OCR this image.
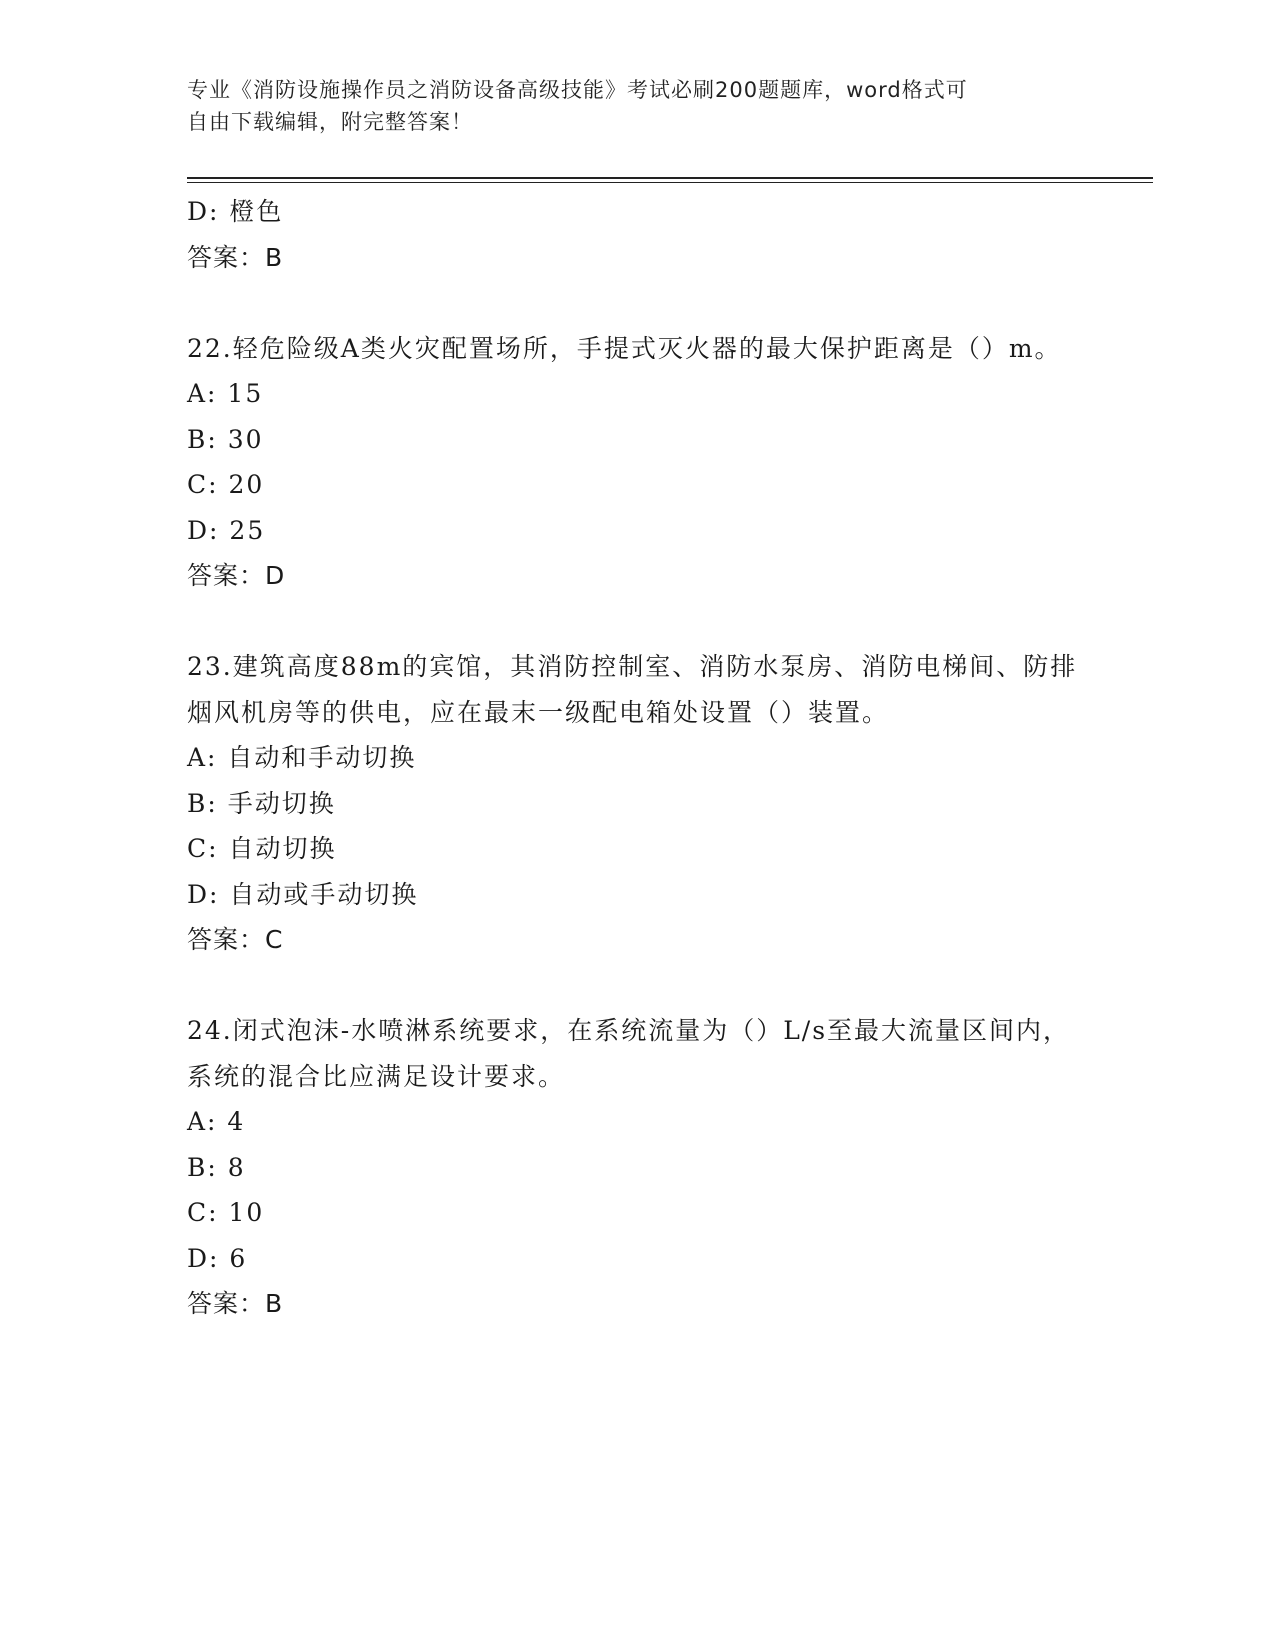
专业《消防设施操作员之消防设备高级技能》考试必刷200题题库，word格式可
自由下载编辑，附完整答案！
D: 橙色
答案：B
22.轻危险级A类火灾配置场所，手提式灭火器的最大保护距离是（）m。
A: 15
B: 30
C: 20
D: 25
答案：D
23.建筑高度88m的宾馆，其消防控制室、消防水泵房、消防电梯间、防排烟风机房等的供电，应在最末一级配电箱处设置（）装置。
A: 自动和手动切换
B: 手动切换
C: 自动切换
D: 自动或手动切换
答案：C
24.闭式泡沫-水喷淋系统要求，在系统流量为（）L/s至最大流量区间内，系统的混合比应满足设计要求。
A: 4
B: 8
C: 10
D: 6
答案：B
